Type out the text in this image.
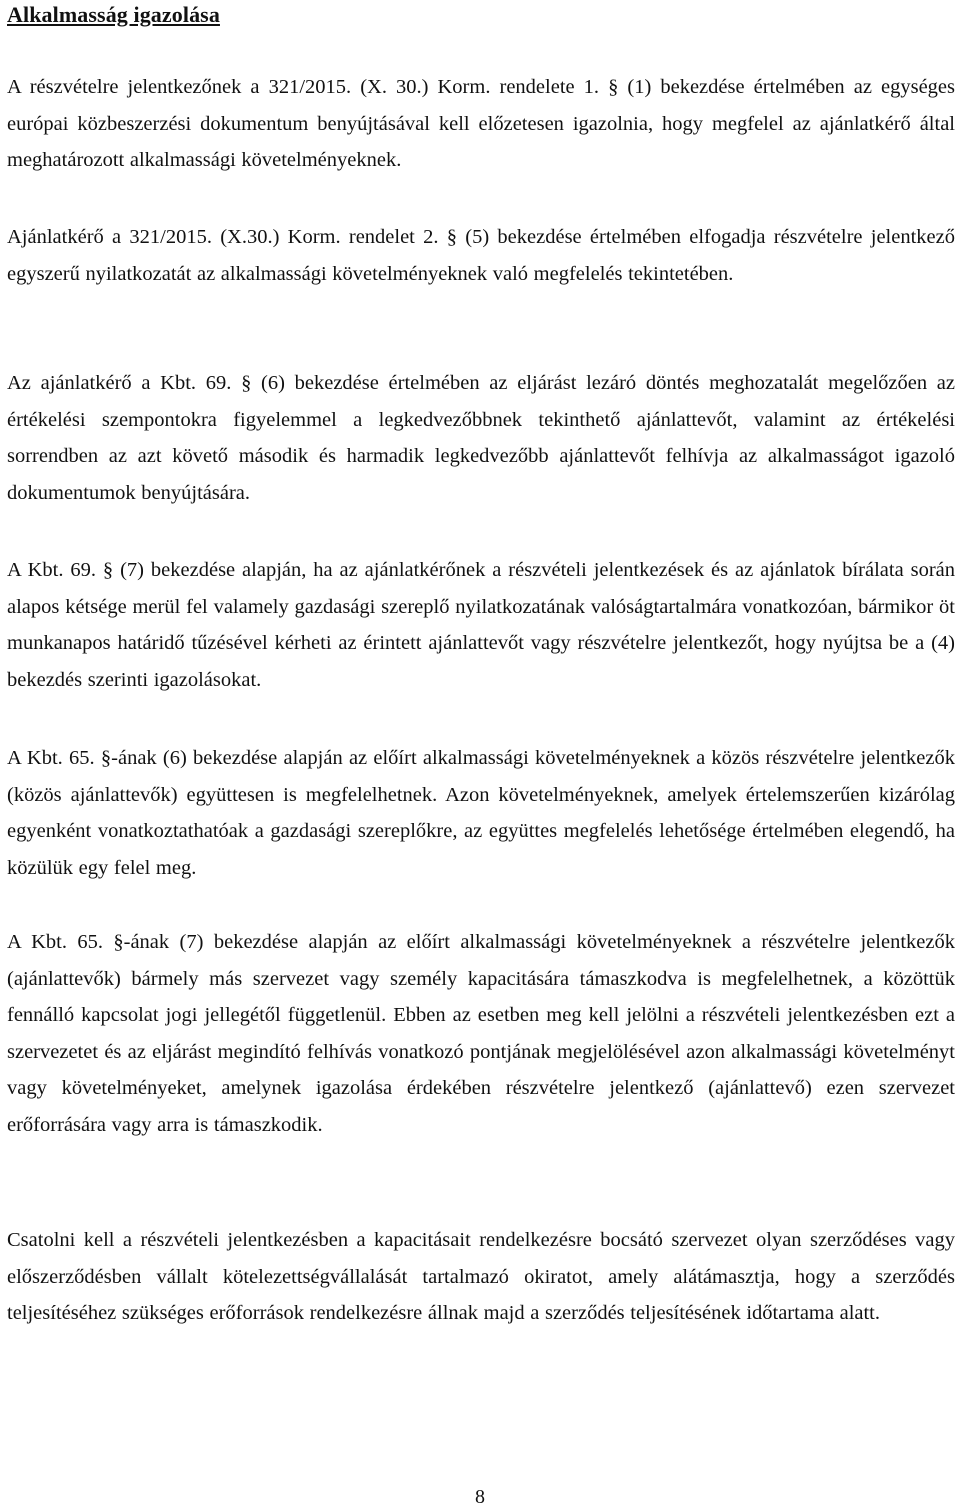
Alkalmasság igazolása

A részvételre jelentkezőnek a 321/2015. (X. 30.) Korm. rendelete 1. § (1) bekezdése értelmében az egységes európai közbeszerzési dokumentum benyújtásával kell előzetesen igazolnia, hogy megfelel az ajánlatkérő által meghatározott alkalmassági követelményeknek.

Ajánlatkérő a 321/2015. (X.30.) Korm. rendelet 2. § (5) bekezdése értelmében elfogadja részvételre jelentkező egyszerű nyilatkozatát az alkalmassági követelményeknek való megfelelés tekintetében.

Az ajánlatkérő a Kbt. 69. § (6) bekezdése értelmében az eljárást lezáró döntés meghozatalát megelőzően az értékelési szempontokra figyelemmel a legkedvezőbbnek tekinthető ajánlattevőt, valamint az értékelési sorrendben az azt követő második és harmadik legkedvezőbb ajánlattevőt felhívja az alkalmasságot igazoló dokumentumok benyújtására.

A Kbt. 69. § (7) bekezdése alapján, ha az ajánlatkérőnek a részvételi jelentkezések és az ajánlatok bírálata során alapos kétsége merül fel valamely gazdasági szereplő nyilatkozatának valóságtartalmára vonatkozóan, bármikor öt munkanapos határidő tűzésével kérheti az érintett ajánlattevőt vagy részvételre jelentkezőt, hogy nyújtsa be a (4) bekezdés szerinti igazolásokat.

A Kbt. 65. §-ának (6) bekezdése alapján az előírt alkalmassági követelményeknek a közös részvételre jelentkezők (közös ajánlattevők) együttesen is megfelelhetnek. Azon követelményeknek, amelyek értelemszerűen kizárólag egyenként vonatkoztathatóak a gazdasági szereplőkre, az együttes megfelelés lehetősége értelmében elegendő, ha közülük egy felel meg.

A Kbt. 65. §-ának (7) bekezdése alapján az előírt alkalmassági követelményeknek a részvételre jelentkezők (ajánlattevők) bármely más szervezet vagy személy kapacitására támaszkodva is megfelelhetnek, a közöttük fennálló kapcsolat jogi jellegétől függetlenül. Ebben az esetben meg kell jelölni a részvételi jelentkezésben ezt a szervezetet és az eljárást megindító felhívás vonatkozó pontjának megjelölésével azon alkalmassági követelményt vagy követelményeket, amelynek igazolása érdekében részvételre jelentkező (ajánlattevő) ezen szervezet erőforrására vagy arra is támaszkodik.

Csatolni kell a részvételi jelentkezésben a kapacitásait rendelkezésre bocsátó szervezet olyan szerződéses vagy előszerződésben vállalt kötelezettségvállalását tartalmazó okiratot, amely alátámasztja, hogy a szerződés teljesítéséhez szükséges erőforrások rendelkezésre állnak majd a szerződés teljesítésének időtartama alatt.

8
